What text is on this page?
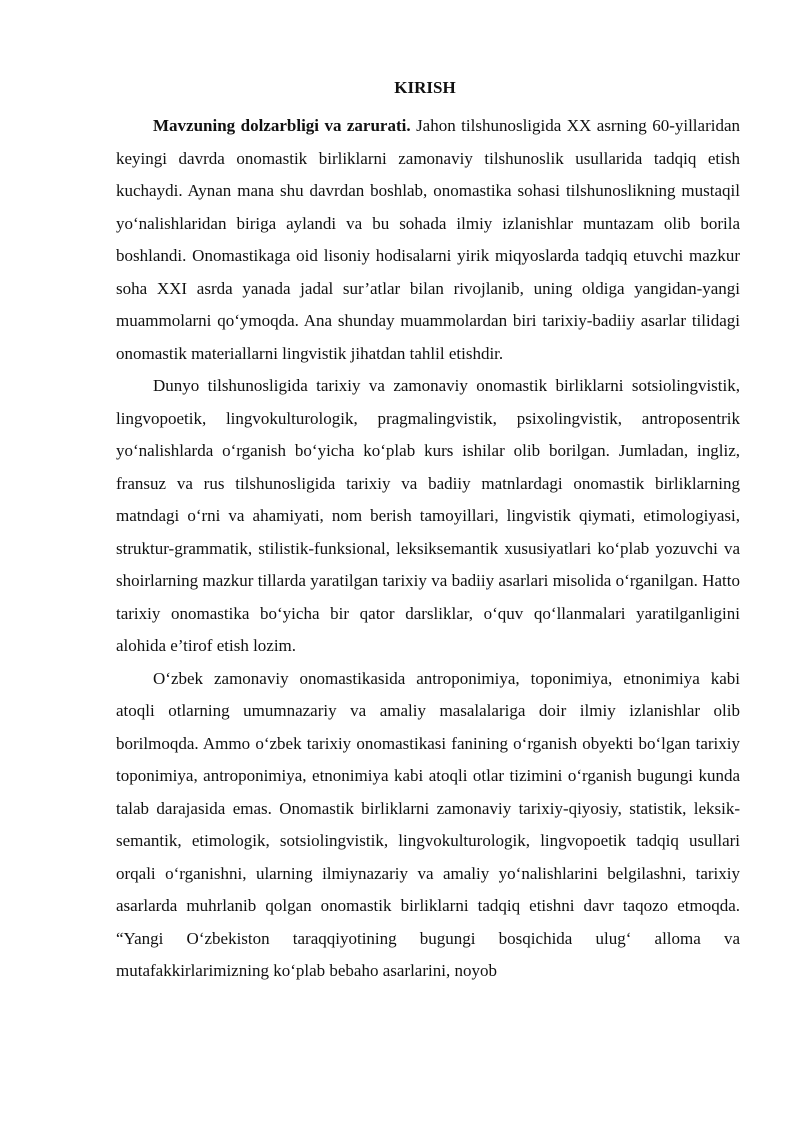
KIRISH

Mavzuning dolzarbligi va zarurati. Jahon tilshunosligida XX asrning 60-yillaridan keyingi davrda onomastik birliklarni zamonaviy tilshunoslik usullarida tadqiq etish kuchaydi. Aynan mana shu davrdan boshlab, onomastika sohasi tilshunoslikning mustaqil yo‘nalishlaridan biriga aylandi va bu sohada ilmiy izlanishlar muntazam olib borila boshlandi. Onomastikaga oid lisoniy hodisalarni yirik miqyoslarda tadqiq etuvchi mazkur soha XXI asrda yanada jadal sur’atlar bilan rivojlanib, uning oldiga yangidan-yangi muammolarni qo‘ymoqda. Ana shunday muammolardan biri tarixiy-badiiy asarlar tilidagi onomastik materiallarni lingvistik jihatdan tahlil etishdir.

Dunyo tilshunosligida tarixiy va zamonaviy onomastik birliklarni sotsiolingvistik, lingvopoetik, lingvokulturologik, pragmalingvistik, psixolingvistik, antroposentrik yo‘nalishlarda o‘rganish bo‘yicha ko‘plab kurs ishilar olib borilgan. Jumladan, ingliz, fransuz va rus tilshunosligida tarixiy va badiiy matnlardagi onomastik birliklarning matndagi o‘rni va ahamiyati, nom berish tamoyillari, lingvistik qiymati, etimologiyasi, struktur-grammatik, stilistik-funksional, leksiksemantik xususiyatlari ko‘plab yozuvchi va shoirlarning mazkur tillarda yaratilgan tarixiy va badiiy asarlari misolida o‘rganilgan. Hatto tarixiy onomastika bo‘yicha bir qator darsliklar, o‘quv qo‘llanmalari yaratilganligini alohida e’tirof etish lozim.

O‘zbek zamonaviy onomastikasida antroponimiya, toponimiya, etnonimiya kabi atoqli otlarning umumnazariy va amaliy masalalariga doir ilmiy izlanishlar olib borilmoqda. Ammo o‘zbek tarixiy onomastikasi fanining o‘rganish obyekti bo‘lgan tarixiy toponimiya, antroponimiya, etnonimiya kabi atoqli otlar tizimini o‘rganish bugungi kunda talab darajasida emas. Onomastik birliklarni zamonaviy tarixiy-qiyosiy, statistik, leksik-semantik, etimologik, sotsiolingvistik, lingvokulturologik, lingvopoetik tadqiq usullari orqali o‘rganishni, ularning ilmiynazariy va amaliy yo‘nalishlarini belgilashni, tarixiy asarlarda muhrlanib qolgan onomastik birliklarni tadqiq etishni davr taqozo etmoqda. “Yangi O‘zbekiston taraqqiyotining bugungi bosqichida ulug‘ alloma va mutafakkirlarimizning ko‘plab bebaho asarlarini, noyob
